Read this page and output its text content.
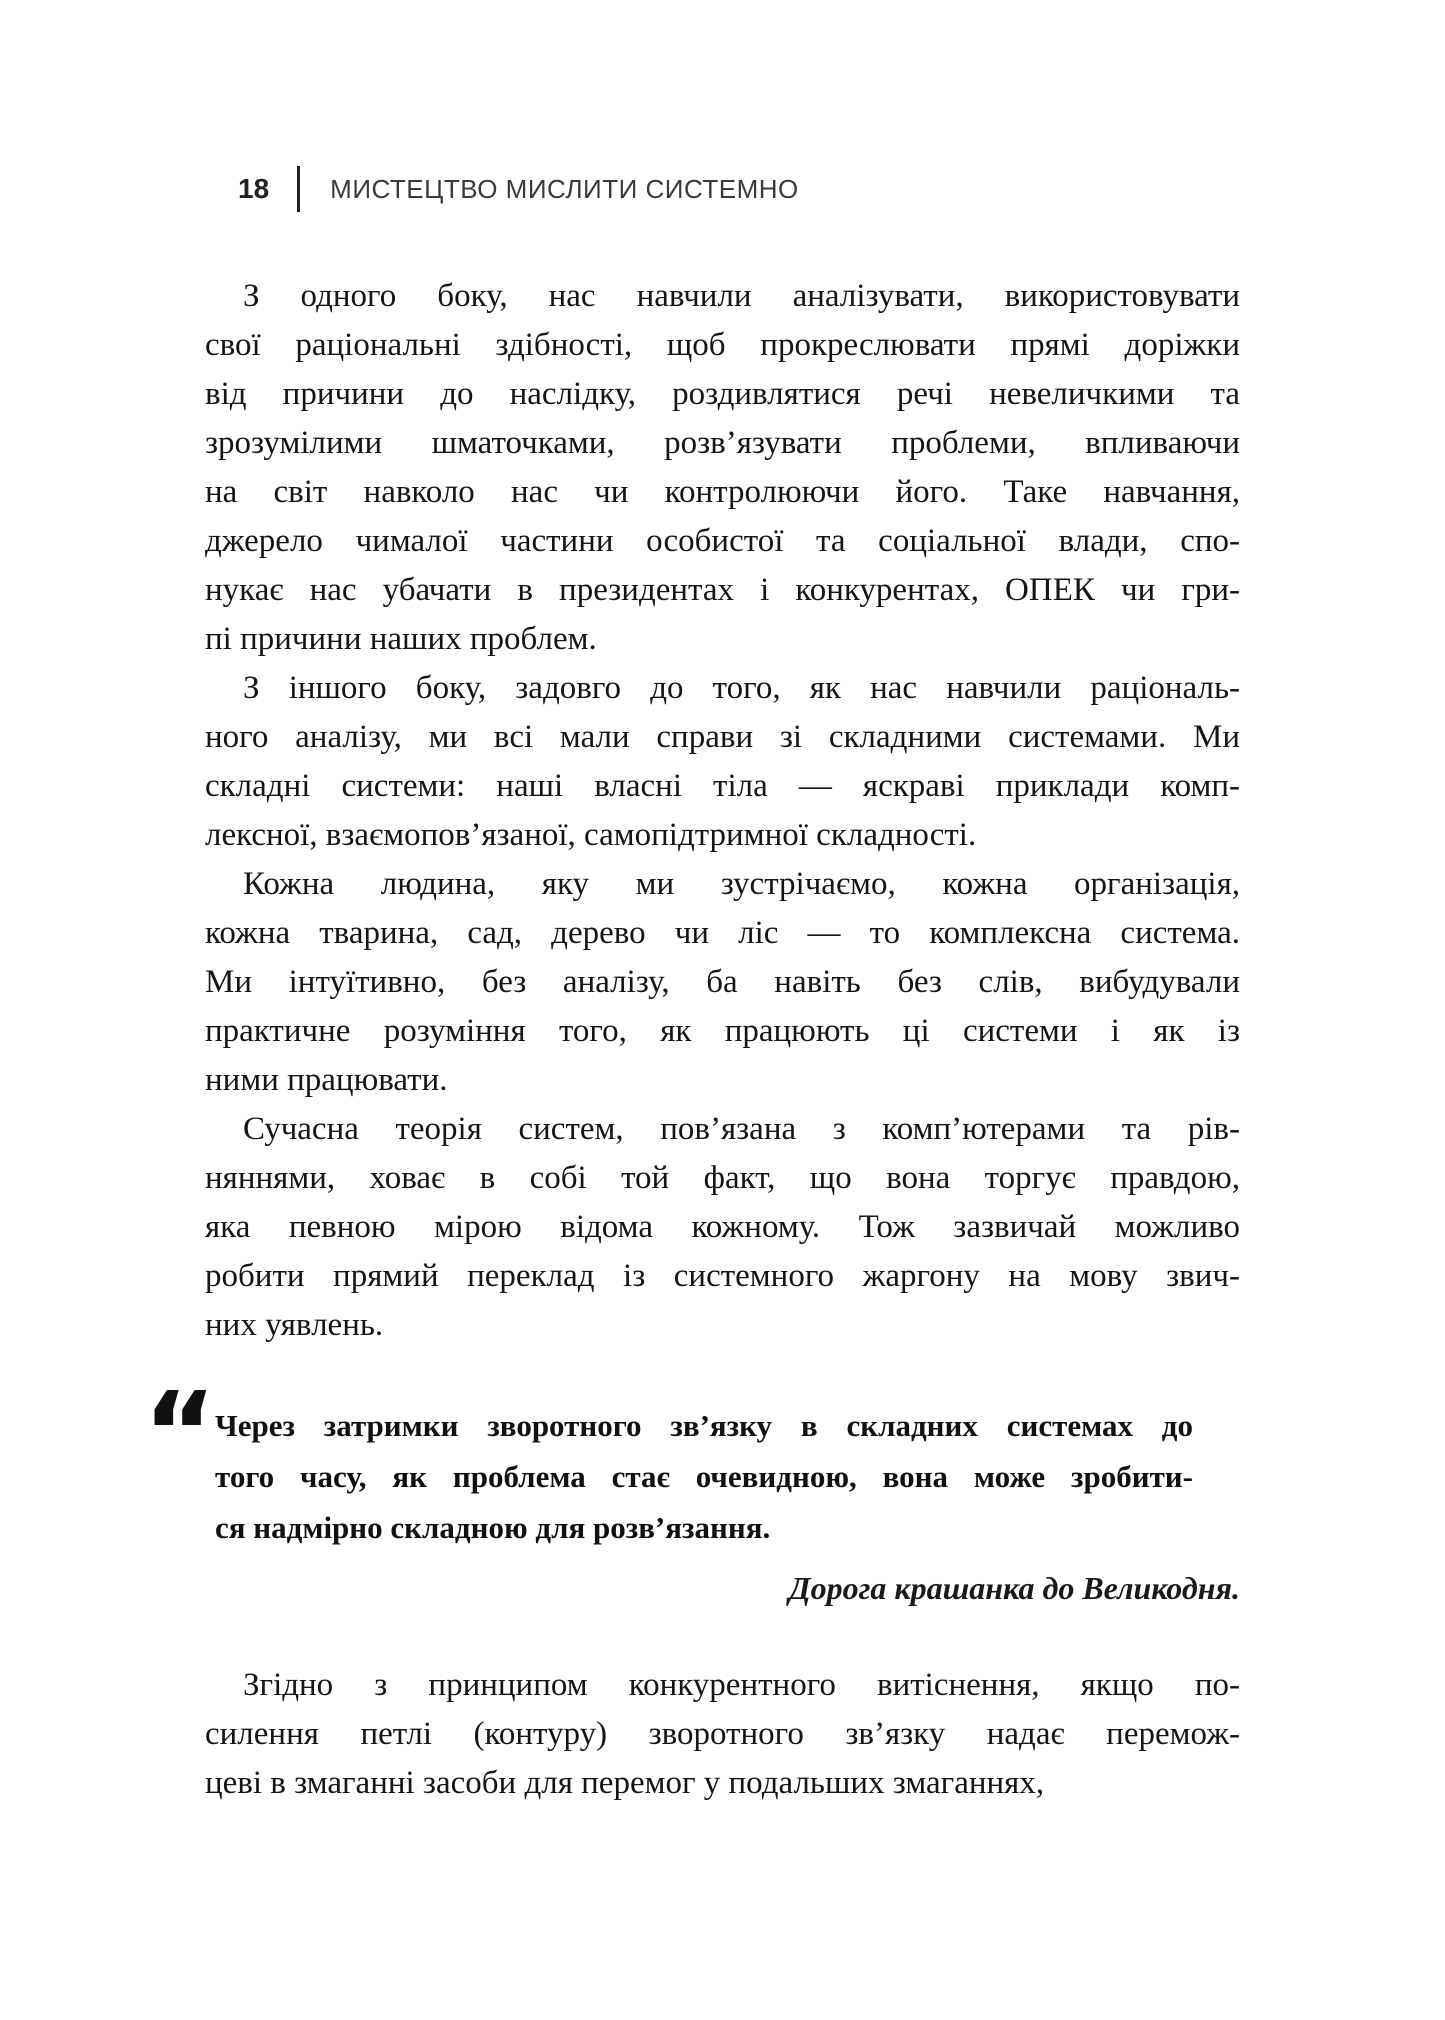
18 МИСТЕЦТВО МИСЛИТИ СИСТЕМНО

З одного боку, нас навчили аналізувати, використовувати
свої раціональні здібності, щоб прокреслювати прямі доріжки
від причини до наслідку, роздивлятися речі невеличкими та
зрозумілими шматочками, розв’язувати проблеми, впливаючи
на світ навколо нас чи контролюючи його. Таке навчання,
джерело чималої частини особистої та соціальної влади, спо-
нукає нас убачати в президентах і конкурентах, ОПЕК чи гри-
пі причини наших проблем.

З іншого боку, задовго до того, як нас навчили раціональ-
ного аналізу, ми всі мали справи зі складними системами. Ми
складні системи: наші власні тіла — яскраві приклади комп-
лексної, взаємопов’язаної, самопідтримної складності.

Кожна людина, яку ми зустрічаємо, кожна організація,
кожна тварина, сад, дерево чи ліс — то комплексна система.
Ми інтуїтивно, без аналізу, ба навіть без слів, вибудували
практичне розуміння того, як працюють ці системи і як із
ними працювати.

Сучасна теорія систем, пов’язана з комп’ютерами та рів-
няннями, ховає в собі той факт, що вона торгує правдою,
яка певною мірою відома кожному. Тож зазвичай можливо
робити прямий переклад із системного жаргону на мову звич-
них уявлень.

“ Через затримки зворотного зв’язку в складних системах до
того часу, як проблема стає очевидною, вона може зробити-
ся надмірно складною для розв’язання.

Дорога крашанка до Великодня.

Згідно з принципом конкурентного витіснення, якщо по-
силення петлі (контуру) зворотного зв’язку надає перемож-
цеві в змаганні засоби для перемог у подальших змаганнях,
